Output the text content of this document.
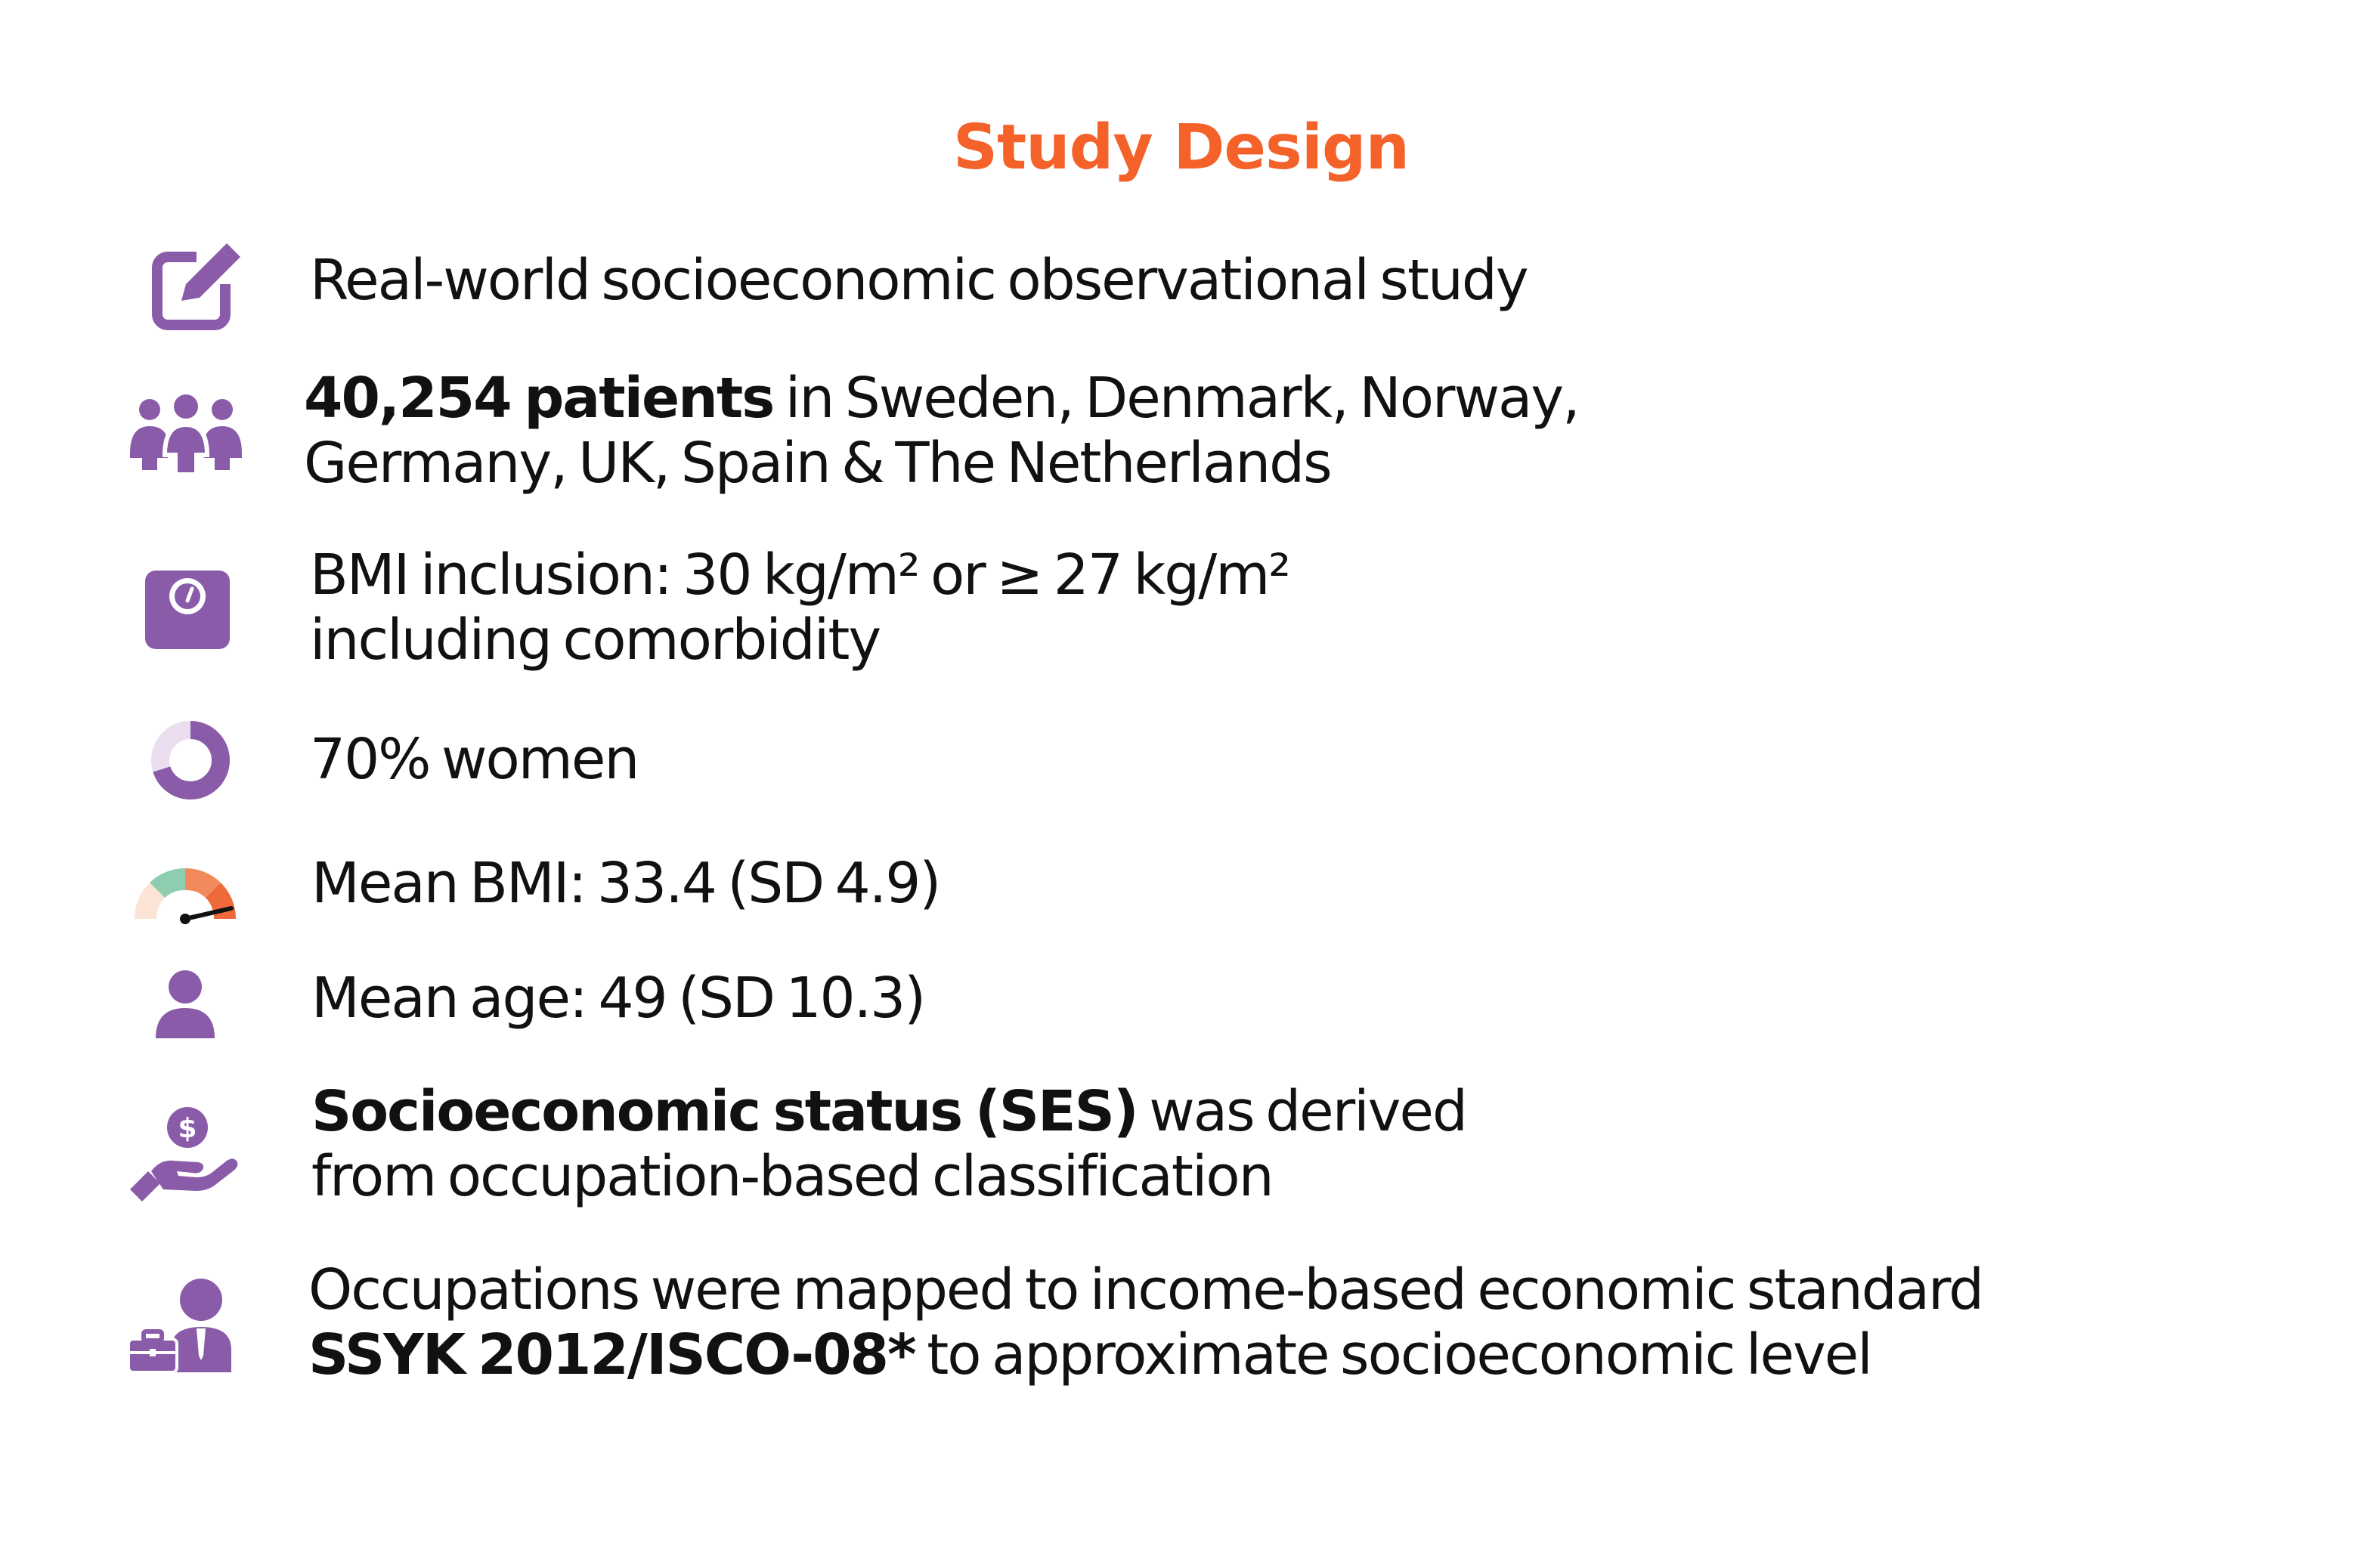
Study Design
Real-world socioeconomic observational study
40,254 patients in Sweden, Denmark, Norway,
Germany, UK, Spain & The Netherlands
BMI inclusion: 30 kg/m² or ≥ 27 kg/m²
including comorbidity
70% women
Mean BMI: 33.4 (SD 4.9)
Mean age: 49 (SD 10.3)
$ Socioeconomic status (SES) was derived
from occupation-based classification
Occupations were mapped to income-based economic standard
SSYK 2012/ISCO-08* to approximate socioeconomic level
